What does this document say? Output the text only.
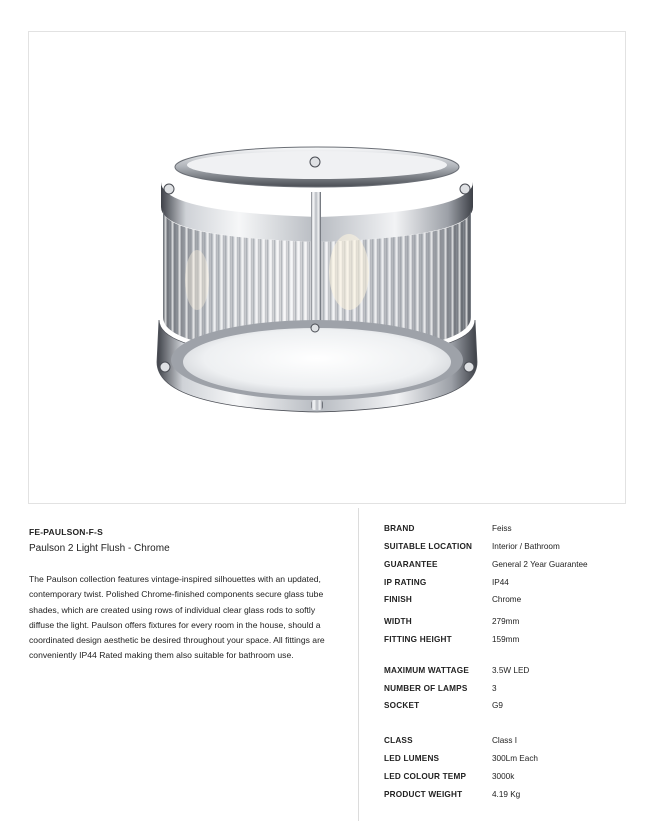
FE-PAULSON-F-S

Paulson 2 Light Flush - Chrome

The Paulson collection features vintage-inspired silhouettes with an updated, contemporary twist. Polished Chrome-finished components secure glass tube shades, which are created using rows of individual clear glass rods to softly diffuse the light. Paulson offers fixtures for every room in the house, should a coordinated design aesthetic be desired throughout your space. All fittings are conveniently IP44 Rated making them also suitable for bathroom use.

BRAND	Feiss
SUITABLE LOCATION Interior / Bathroom
GUARANTEE	General 2 Year Guarantee
IP RATING	IP44
FINISH	Chrome
WIDTH	279mm
FITTING HEIGHT	159mm
MAXIMUM WATTAGE	3.5W LED
NUMBER OF LAMPS	3
SOCKET	G9
CLASS	Class I
LED LUMENS	300Lm Each
LED COLOUR TEMP	3000k
PRODUCT WEIGHT	4.19 Kg
